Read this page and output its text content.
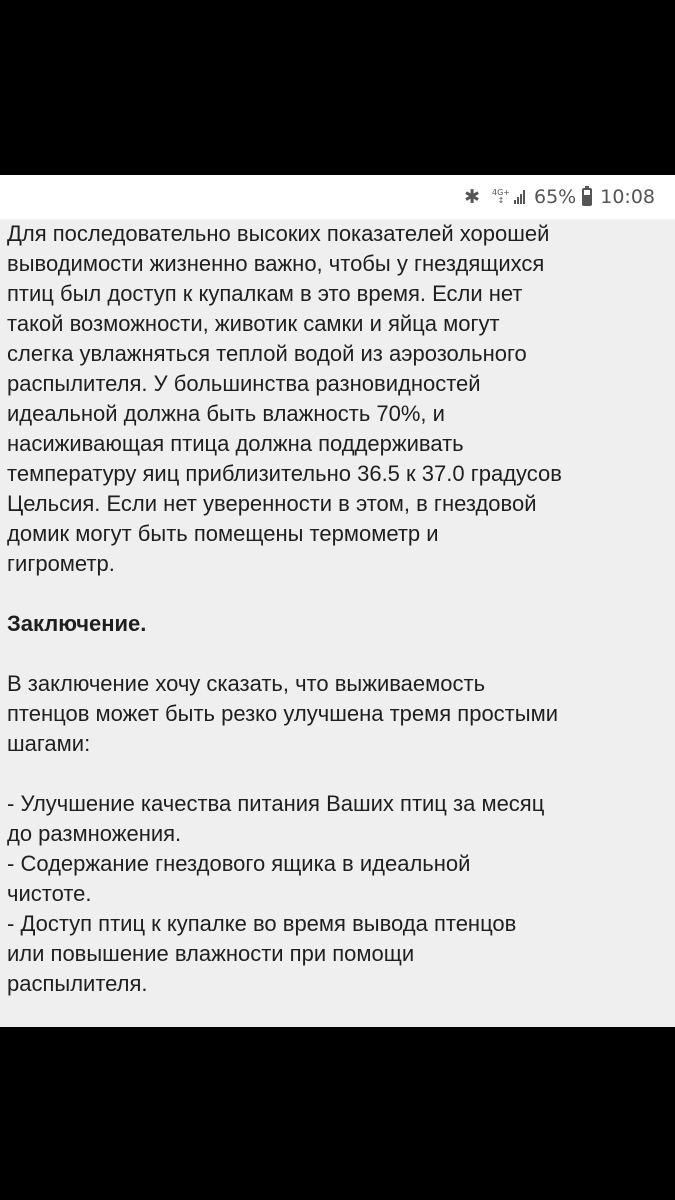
✱ 4G+
↕ 65% 10:08

Для последовательно высоких показателей хорошей
выводимости жизненно важно, чтобы у гнездящихся
птиц был доступ к купалкам в это время. Если нет
такой возможности, животик самки и яйца могут
слегка увлажняться теплой водой из аэрозольного
распылителя. У большинства разновидностей
идеальной должна быть влажность 70%, и
насиживающая птица должна поддерживать
температуру яиц приблизительно 36.5 к 37.0 градусов
Цельсия. Если нет уверенности в этом, в гнездовой
домик могут быть помещены термометр и
гигрометр.

Заключение.

В заключение хочу сказать, что выживаемость
птенцов может быть резко улучшена тремя простыми
шагами:

- Улучшение качества питания Ваших птиц за месяц
до размножения.

- Содержание гнездового ящика в идеальной
чистоте.

- Доступ птиц к купалке во время вывода птенцов
или повышение влажности при помощи
распылителя.
